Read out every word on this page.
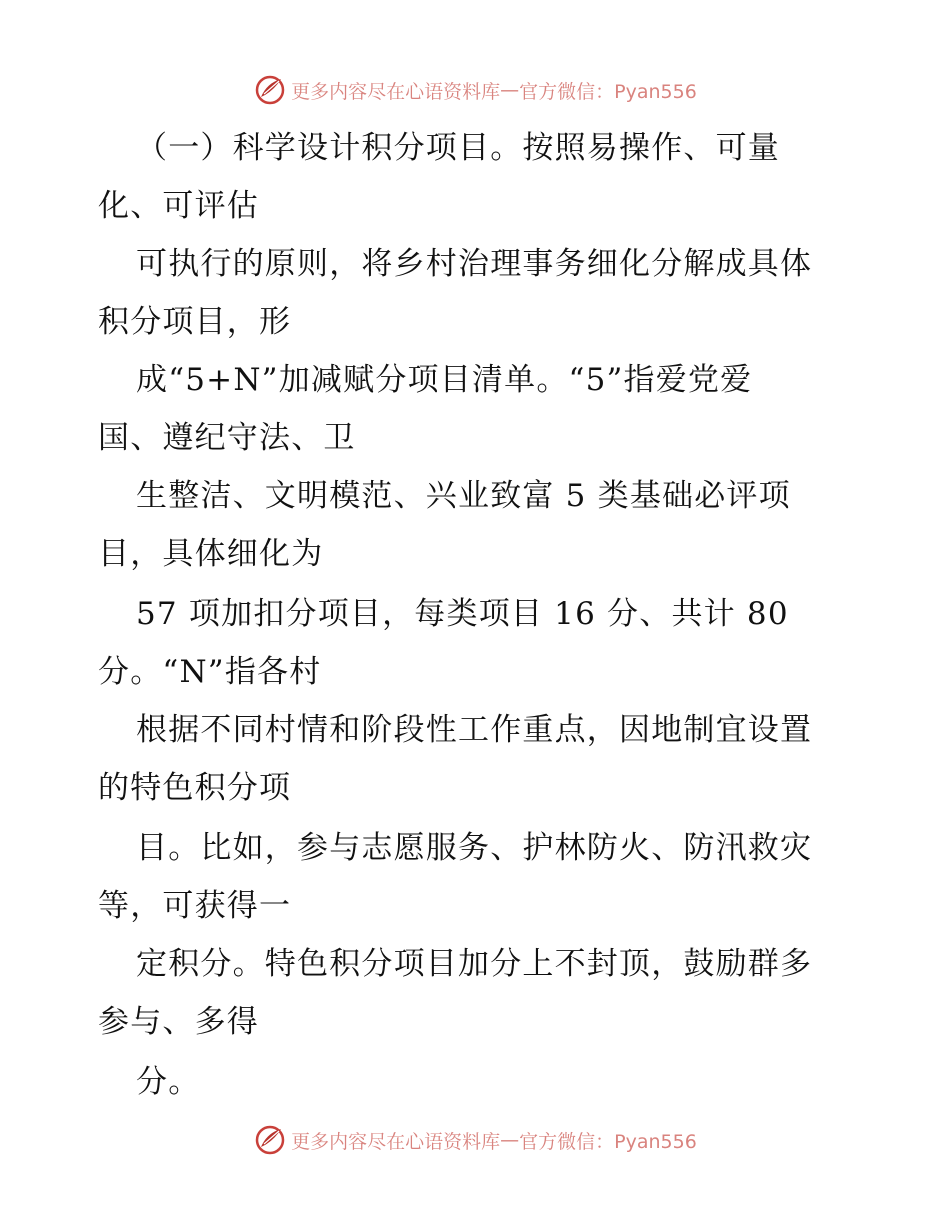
更多内容尽在心语资料库 — 官方微信：Pyan556
（一）科学设计积分项目。按照易操作、可量
化、可评估
可执行的原则，将乡村治理事务细化分解成具体
积分项目，形
成“5+N”加减赋分项目清单。“5”指爱党爱
国、遵纪守法、卫
生整洁、文明模范、兴业致富 5 类基础必评项
目，具体细化为
57 项加扣分项目，每类项目 16 分、共计 80
分。“N”指各村
根据不同村情和阶段性工作重点，因地制宜设置
的特色积分项
目。比如，参与志愿服务、护林防火、防汛救灾
等，可获得一
定积分。特色积分项目加分上不封顶，鼓励群多
参与、多得
分。
更多内容尽在心语资料库 — 官方微信：Pyan556
